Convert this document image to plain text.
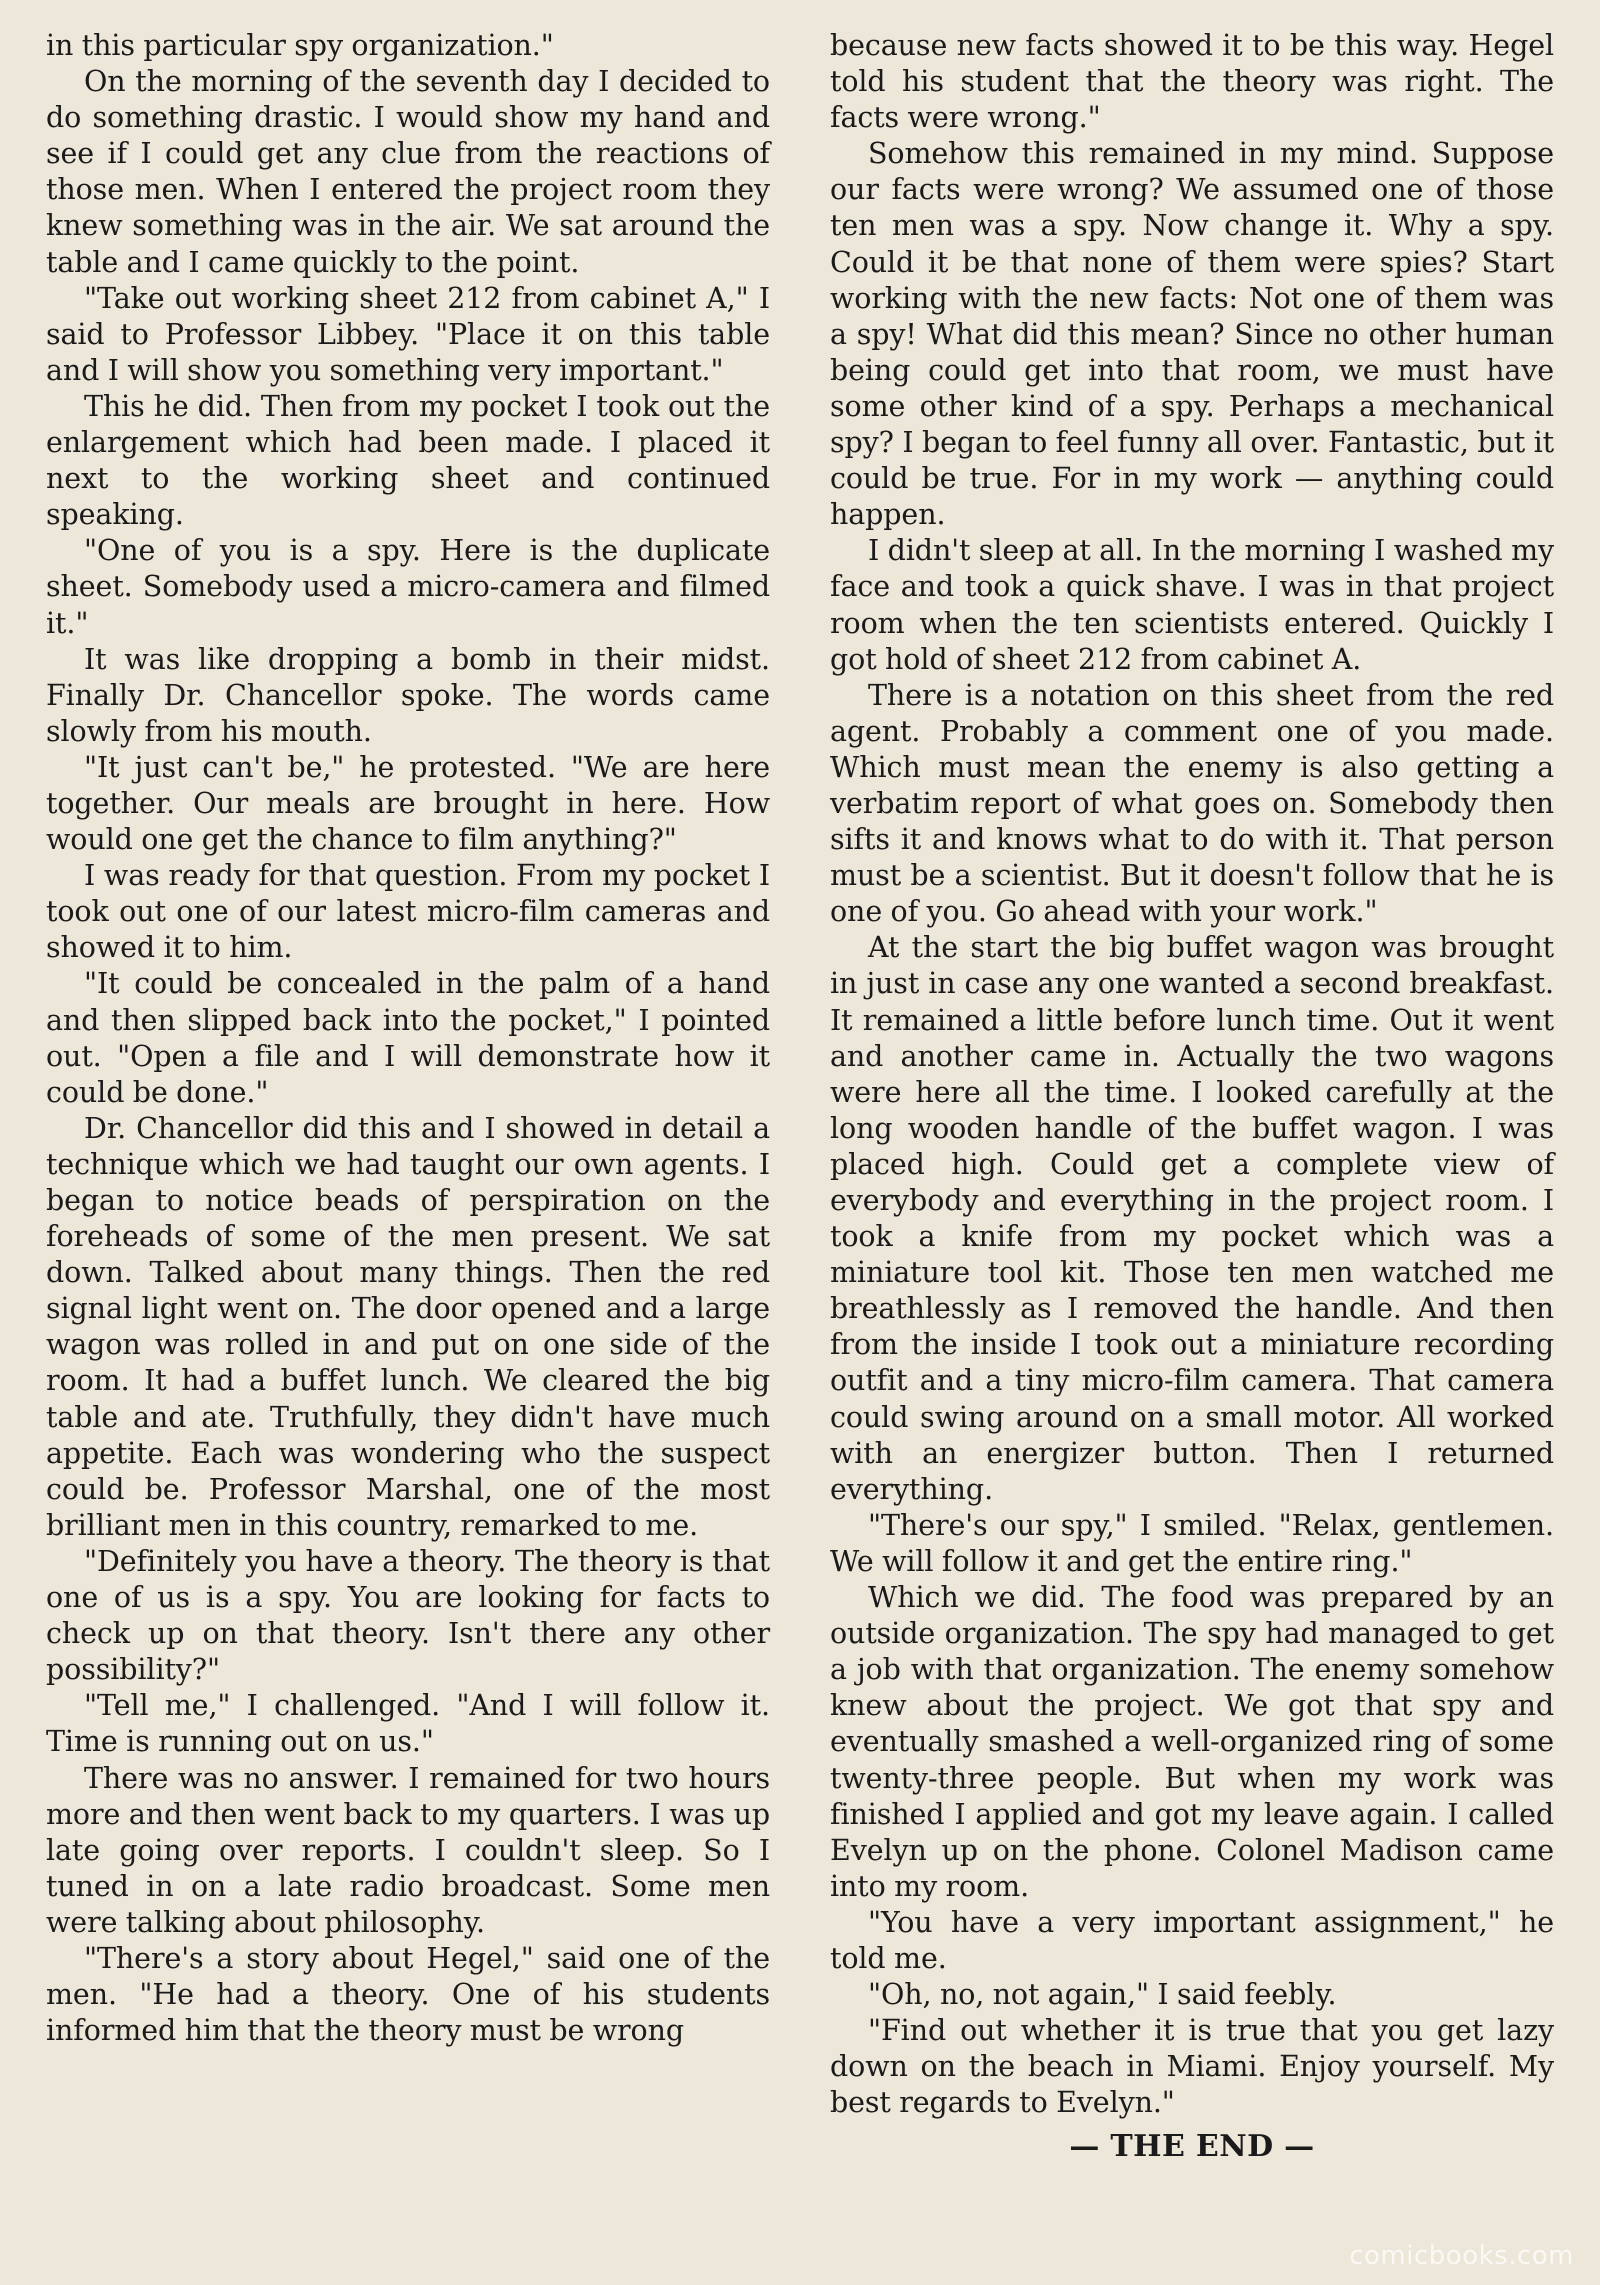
in this particular spy organization."

On the morning of the seventh day I decided to do something drastic. I would show my hand and see if I could get any clue from the reactions of those men. When I entered the project room they knew something was in the air. We sat around the table and I came quickly to the point.

"Take out working sheet 212 from cabinet A," I said to Professor Libbey. "Place it on this table and I will show you something very important."

This he did. Then from my pocket I took out the enlargement which had been made. I placed it next to the working sheet and continued speaking.

"One of you is a spy. Here is the duplicate sheet. Somebody used a micro-camera and filmed it."

It was like dropping a bomb in their midst. Finally Dr. Chancellor spoke. The words came slowly from his mouth.

"It just can't be," he protested. "We are here together. Our meals are brought in here. How would one get the chance to film anything?"

I was ready for that question. From my pocket I took out one of our latest micro-film cameras and showed it to him.

"It could be concealed in the palm of a hand and then slipped back into the pocket," I pointed out. "Open a file and I will demonstrate how it could be done."

Dr. Chancellor did this and I showed in detail a technique which we had taught our own agents. I began to notice beads of perspiration on the foreheads of some of the men present. We sat down. Talked about many things. Then the red signal light went on. The door opened and a large wagon was rolled in and put on one side of the room. It had a buffet lunch. We cleared the big table and ate. Truthfully, they didn't have much appetite. Each was wondering who the suspect could be. Professor Marshal, one of the most brilliant men in this country, remarked to me.

"Definitely you have a theory. The theory is that one of us is a spy. You are looking for facts to check up on that theory. Isn't there any other possibility?"

"Tell me," I challenged. "And I will follow it. Time is running out on us."

There was no answer. I remained for two hours more and then went back to my quarters. I was up late going over reports. I couldn't sleep. So I tuned in on a late radio broadcast. Some men were talking about philosophy.

"There's a story about Hegel," said one of the men. "He had a theory. One of his students informed him that the theory must be wrong

because new facts showed it to be this way. Hegel told his student that the theory was right. The facts were wrong."

Somehow this remained in my mind. Suppose our facts were wrong? We assumed one of those ten men was a spy. Now change it. Why a spy. Could it be that none of them were spies? Start working with the new facts: Not one of them was a spy! What did this mean? Since no other human being could get into that room, we must have some other kind of a spy. Perhaps a mechanical spy? I began to feel funny all over. Fantastic, but it could be true. For in my work — anything could happen.

I didn't sleep at all. In the morning I washed my face and took a quick shave. I was in that project room when the ten scientists entered. Quickly I got hold of sheet 212 from cabinet A.

There is a notation on this sheet from the red agent. Probably a comment one of you made. Which must mean the enemy is also getting a verbatim report of what goes on. Somebody then sifts it and knows what to do with it. That person must be a scientist. But it doesn't follow that he is one of you. Go ahead with your work."

At the start the big buffet wagon was brought in just in case any one wanted a second breakfast. It remained a little before lunch time. Out it went and another came in. Actually the two wagons were here all the time. I looked carefully at the long wooden handle of the buffet wagon. I was placed high. Could get a complete view of everybody and everything in the project room. I took a knife from my pocket which was a miniature tool kit. Those ten men watched me breathlessly as I removed the handle. And then from the inside I took out a miniature recording outfit and a tiny micro-film camera. That camera could swing around on a small motor. All worked with an energizer button. Then I returned everything.

"There's our spy," I smiled. "Relax, gentlemen. We will follow it and get the entire ring."

Which we did. The food was prepared by an outside organization. The spy had managed to get a job with that organization. The enemy somehow knew about the project. We got that spy and eventually smashed a well-organized ring of some twenty-three people. But when my work was finished I applied and got my leave again. I called Evelyn up on the phone. Colonel Madison came into my room.

"You have a very important assignment," he told me.

"Oh, no, not again," I said feebly.

"Find out whether it is true that you get lazy down on the beach in Miami. Enjoy yourself. My best regards to Evelyn."

— THE END —
comicbooks.com
